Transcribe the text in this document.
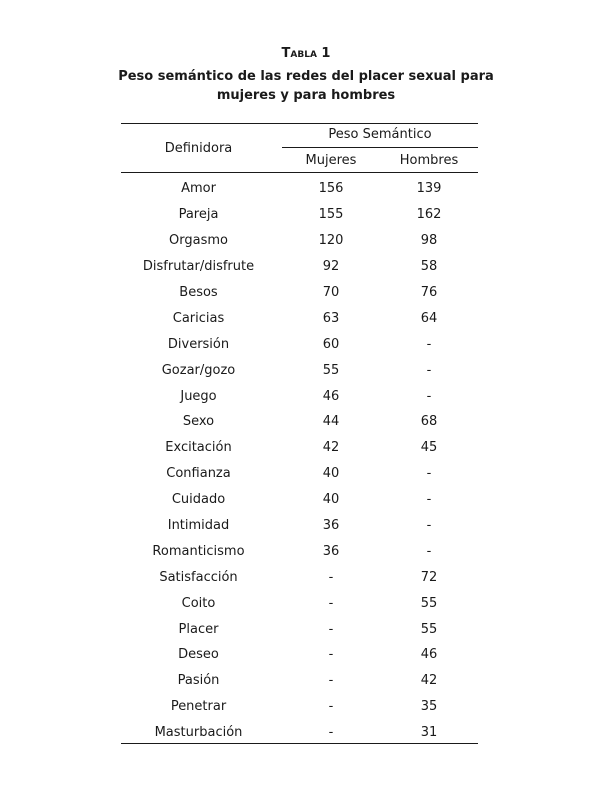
Tabla 1
Peso semántico de las redes del placer sexual para
mujeres y para hombres
Definidora
Peso Semántico
Mujeres	Hombres
Amor	156	139
Pareja	155	162
Orgasmo	120	98
Disfrutar/disfrute	92	58
Besos	70	76
Caricias	63	64
Diversión	60	-
Gozar/gozo	55	-
Juego	46	-
Sexo	44	68
Excitación	42	45
Confianza	40	-
Cuidado	40	-
Intimidad	36	-
Romanticismo	36	-
Satisfacción	-	72
Coito	-	55
Placer	-	55
Deseo	-	46
Pasión	-	42
Penetrar	-	35
Masturbación	-	31
